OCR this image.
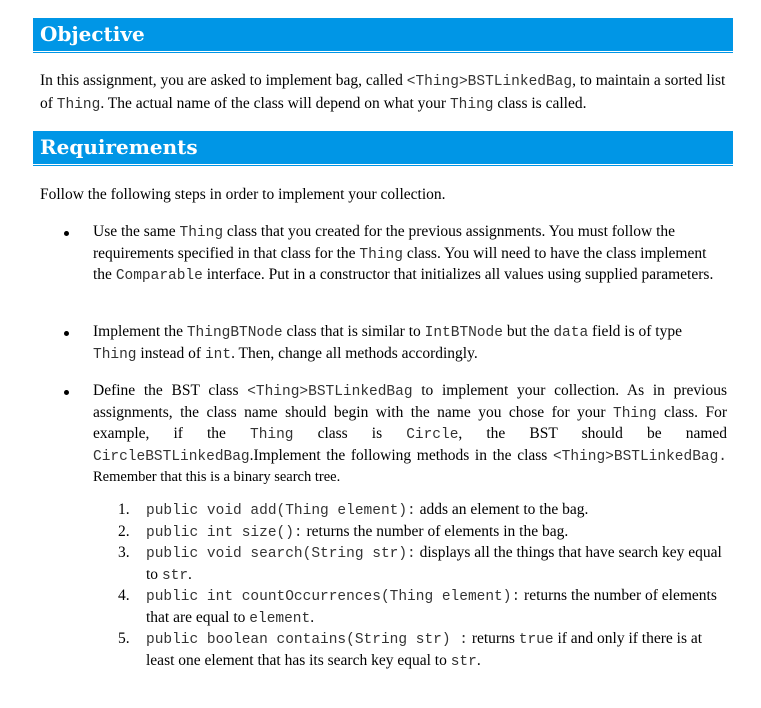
Objective

In this assignment, you are asked to implement bag, called <Thing>BSTLinkedBag, to maintain a sorted list of Thing. The actual name of the class will depend on what your Thing class is called.

Requirements

Follow the following steps in order to implement your collection.

Use the same Thing class that you created for the previous assignments. You must follow the requirements specified in that class for the Thing class. You will need to have the class implement the Comparable interface. Put in a constructor that initializes all values using supplied parameters.

Implement the ThingBTNode class that is similar to IntBTNode but the data field is of type Thing instead of int. Then, change all methods accordingly.

Define the BST class <Thing>BSTLinkedBag to implement your collection. As in previous assignments, the class name should begin with the name you chose for your Thing class. For example, if the Thing class is Circle, the BST should be named CircleBSTLinkedBag.Implement the following methods in the class <Thing>BSTLinkedBag. Remember that this is a binary search tree.

1. public void add(Thing element): adds an element to the bag.
2. public int size(): returns the number of elements in the bag.
3. public void search(String str): displays all the things that have search key equal to str.
4. public int countOccurrences(Thing element): returns the number of elements that are equal to element.
5. public boolean contains(String str) : returns true if and only if there is at least one element that has its search key equal to str.
